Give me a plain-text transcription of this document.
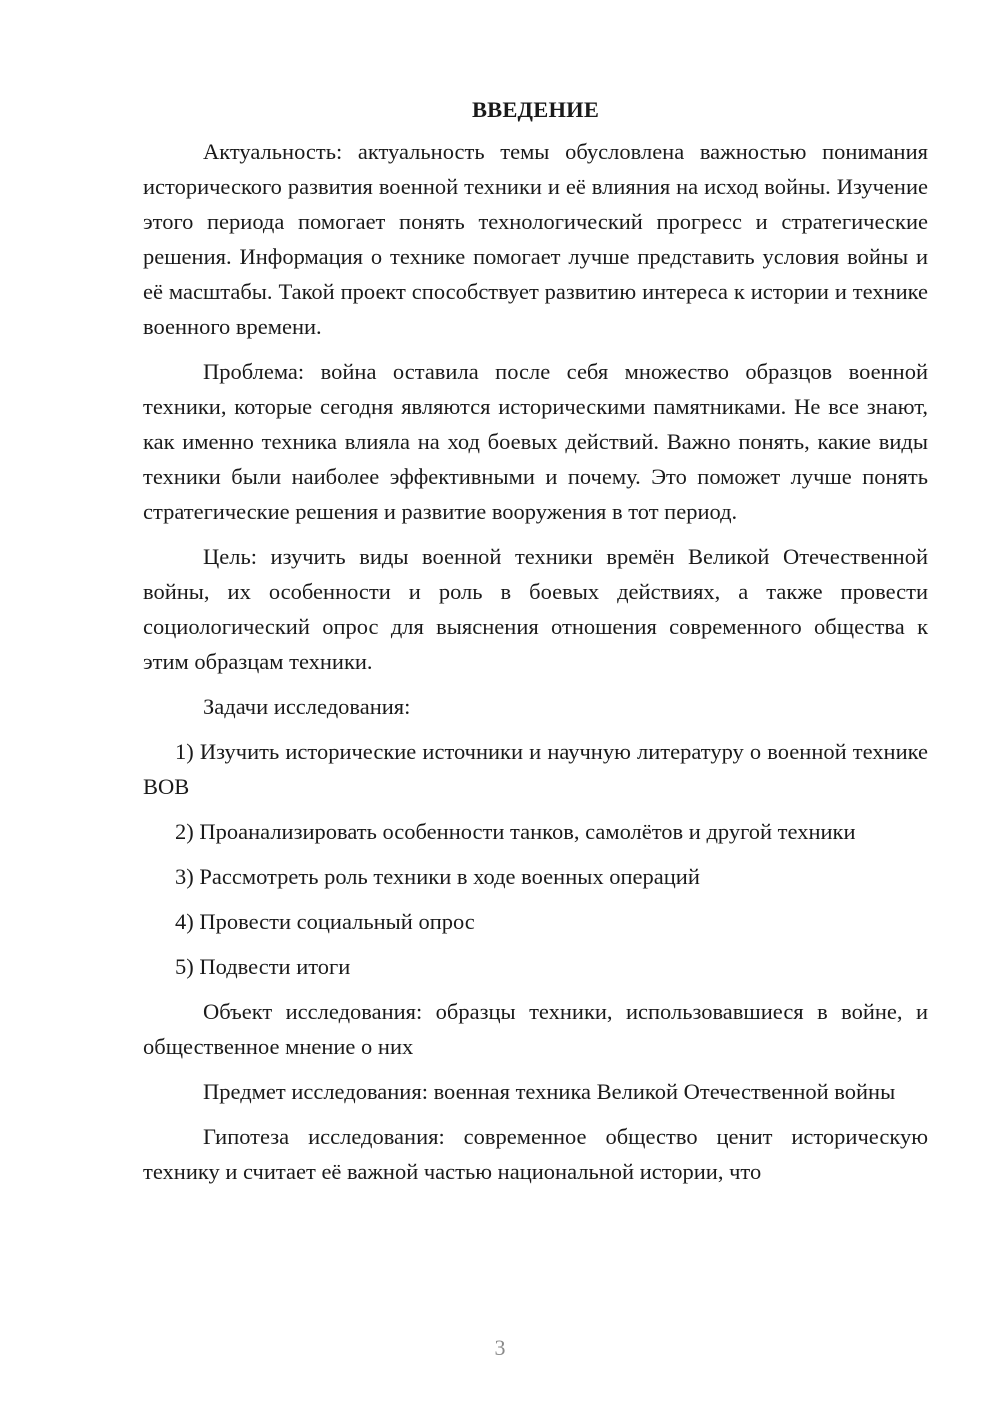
ВВЕДЕНИЕ

Актуальность: актуальность темы обусловлена важностью понимания исторического развития военной техники и её влияния на исход войны. Изучение этого периода помогает понять технологический прогресс и стратегические решения. Информация о технике помогает лучше представить условия войны и её масштабы. Такой проект способствует развитию интереса к истории и технике военного времени.

Проблема: война оставила после себя множество образцов военной техники, которые сегодня являются историческими памятниками. Не все знают, как именно техника влияла на ход боевых действий. Важно понять, какие виды техники были наиболее эффективными и почему. Это поможет лучше понять стратегические решения и развитие вооружения в тот период.

Цель: изучить виды военной техники времён Великой Отечественной войны, их особенности и роль в боевых действиях, а также провести социологический опрос для выяснения отношения современного общества к этим образцам техники.

Задачи исследования:

1) Изучить исторические источники и научную литературу о военной технике ВОВ

2) Проанализировать особенности танков, самолётов и другой техники

3) Рассмотреть роль техники в ходе военных операций

4) Провести социальный опрос

5) Подвести итоги

Объект исследования: образцы техники, использовавшиеся в войне, и общественное мнение о них

Предмет исследования: военная техника Великой Отечественной войны

Гипотеза исследования: современное общество ценит историческую технику и считает её важной частью национальной истории, что

3
